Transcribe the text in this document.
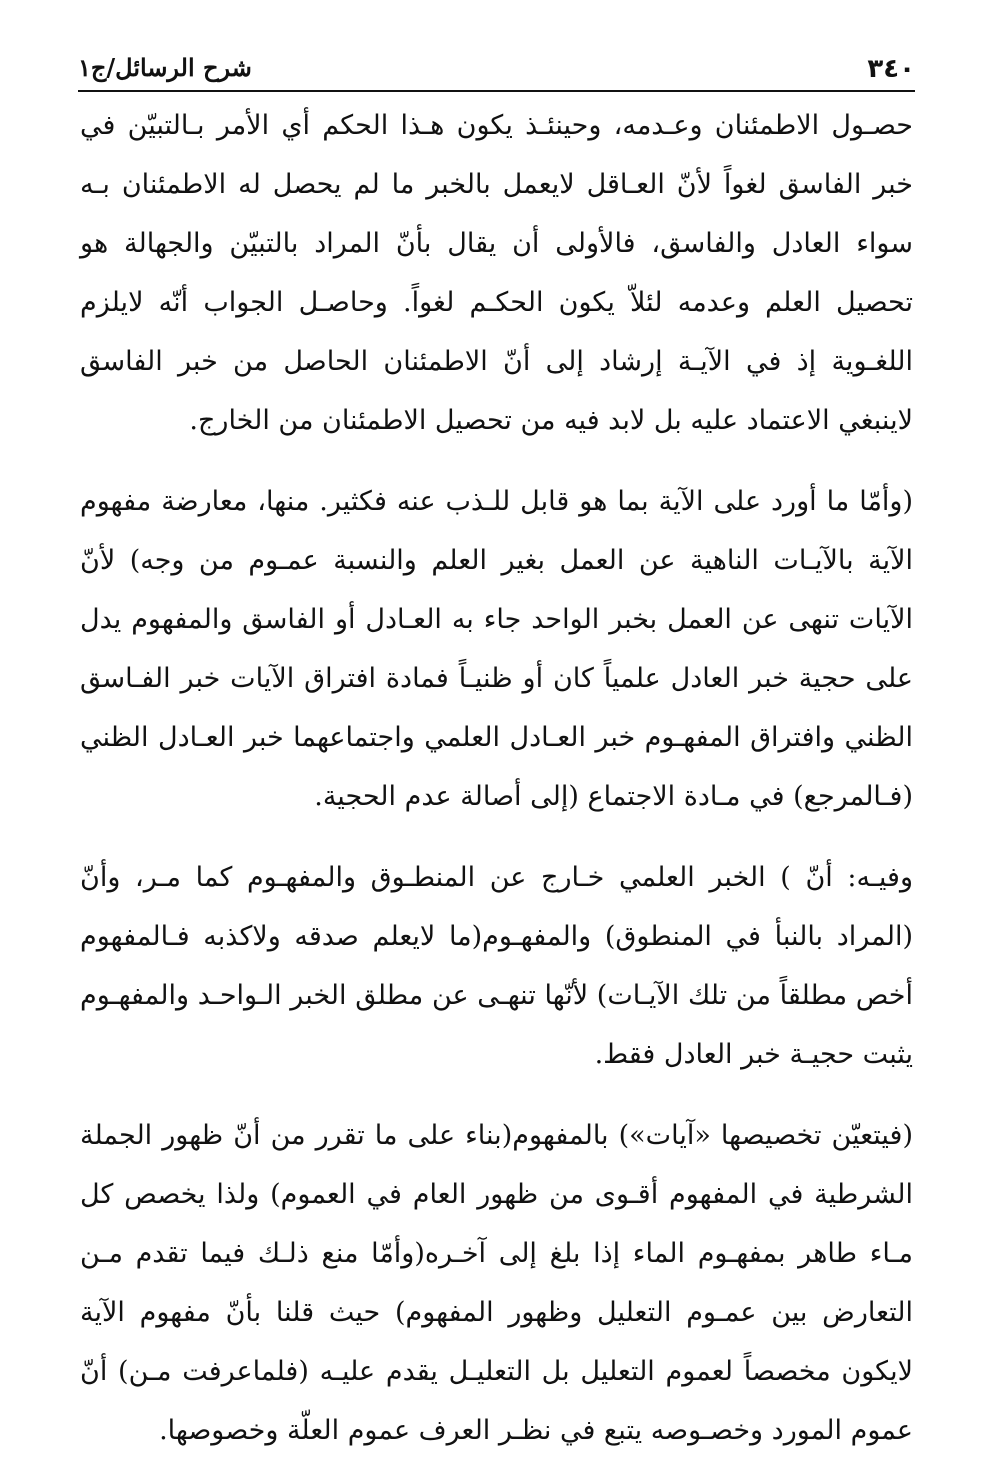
٣٤٠
شرح الرسائل/ج١

حصـول الاطمئنان وعـدمه، وحينئـذ يكون هـذا الحكم أي الأمر بـالتبيّن في خبر الفاسق لغواً لأنّ العـاقل لايعمل بالخبر ما لم يحصل له الاطمئنان بـه سواء العادل والفاسق، فالأولى أن يقال بأنّ المراد بالتبيّن والجهالة هو تحصيل العلم وعدمه لئلاّ يكون الحكـم لغواً. وحاصـل الجواب أنّه لايلزم اللغـوية إذ في الآيـة إرشاد إلى أنّ الاطمئنان الحاصل من خبر الفاسق لاينبغي الاعتماد عليه بل لابد فيه من تحصيل الاطمئنان من الخارج.

(وأمّا ما أورد على الآية بما هو قابل للـذب عنه فكثير. منها، معارضة مفهوم الآية بالآيـات الناهية عن العمل بغير العلم والنسبة عمـوم من وجه) لأنّ الآيات تنهى عن العمل بخبر الواحد جاء به العـادل أو الفاسق والمفهوم يدل على حجية خبر العادل علمياً كان أو ظنيـاً فمادة افتراق الآيات خبر الفـاسق الظني وافتراق المفهـوم خبر العـادل العلمي واجتماعهما خبر العـادل الظني (فـالمرجع) في مـادة الاجتماع (إلى أصالة عدم الحجية.

وفيـه: أنّ ) الخبر العلمي خـارج عن المنطـوق والمفهـوم كما مـر، وأنّ (المراد بالنبأ في المنطوق) والمفهـوم(ما لايعلم صدقه ولاكذبه فـالمفهوم أخص مطلقاً من تلك الآيـات) لأنّها تنهـى عن مطلق الخبر الـواحـد والمفهـوم يثبت حجيـة خبر العادل فقط.

(فيتعيّن تخصيصها «آيات») بالمفهوم(بناء على ما تقرر من أنّ ظهور الجملة الشرطية في المفهوم أقـوى من ظهور العام في العموم) ولذا يخصص كل مـاء طاهر بمفهـوم الماء إذا بلغ إلى آخـره(وأمّا منع ذلـك فيما تقدم مـن التعارض بين عمـوم التعليل وظهور المفهوم) حيث قلنا بأنّ مفهوم الآية لايكون مخصصاً لعموم التعليل بل التعليـل يقدم عليـه (فلماعرفت مـن) أنّ عموم المورد وخصـوصه يتبع في نظـر العرف عموم العلّة وخصوصها.
